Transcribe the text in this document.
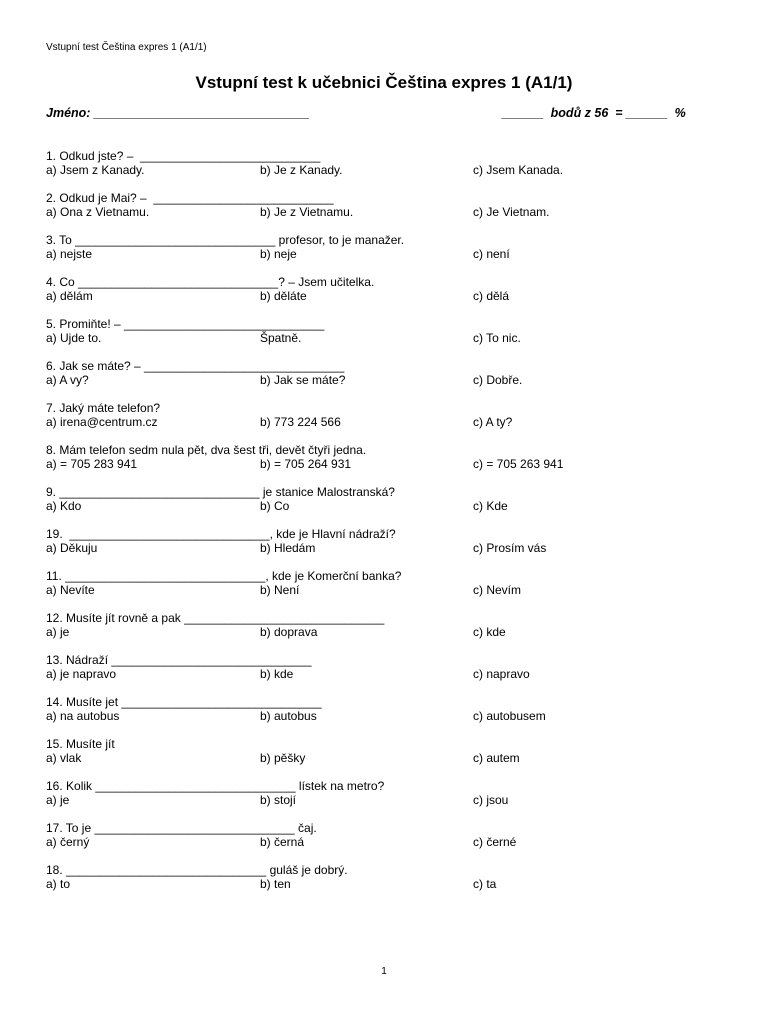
Vstupní test Čeština expres 1 (A1/1)
Vstupní test k učebnici Čeština expres 1 (A1/1)
Jméno: _______________________________	______  bodů z 56  = ______  %
1. Odkud jste? –  ___________________________
a) Jsem z Kanady.	b) Je z Kanady.	c) Jsem Kanada.
2. Odkud je Mai? –  ___________________________
a) Ona z Vietnamu.	b) Je z Vietnamu.	c) Je Vietnam.
3. To ______________________________ profesor, to je manažer.
a) nejste	b) neje	c) není
4. Co ______________________________? – Jsem učitelka.
a) dělám	b) děláte	c) dělá
5. Promiňte! – ______________________________
a) Ujde to.	Špatně.	c) To nic.
6. Jak se máte? – ______________________________
a) A vy?	b) Jak se máte?	c) Dobře.
7. Jaký máte telefon?
a) irena@centrum.cz	b) 773 224 566	c) A ty?
8. Mám telefon sedm nula pět, dva šest tři, devět čtyři jedna.
a) = 705 283 941	b) = 705 264 931	c) = 705 263 941
9. ______________________________ je stanice Malostranská?
a) Kdo	b) Co	c) Kde
19.  ______________________________, kde je Hlavní nádraží?
a) Děkuju	b) Hledám	c) Prosím vás
11. ______________________________, kde je Komerční banka?
a) Nevíte	b) Není	c) Nevím
12. Musíte jít rovně a pak ______________________________
a) je	b) doprava	c) kde
13. Nádraží ______________________________
a) je napravo	b) kde	c) napravo
14. Musíte jet ______________________________
a) na autobus	b) autobus	c) autobusem
15. Musíte jít
a) vlak	b) pěšky	c) autem
16. Kolik ______________________________ lístek na metro?
a) je	b) stojí	c) jsou
17. To je ______________________________ čaj.
a) černý	b) černá	c) černé
18. ______________________________ guláš je dobrý.
a) to	b) ten	c) ta
1
